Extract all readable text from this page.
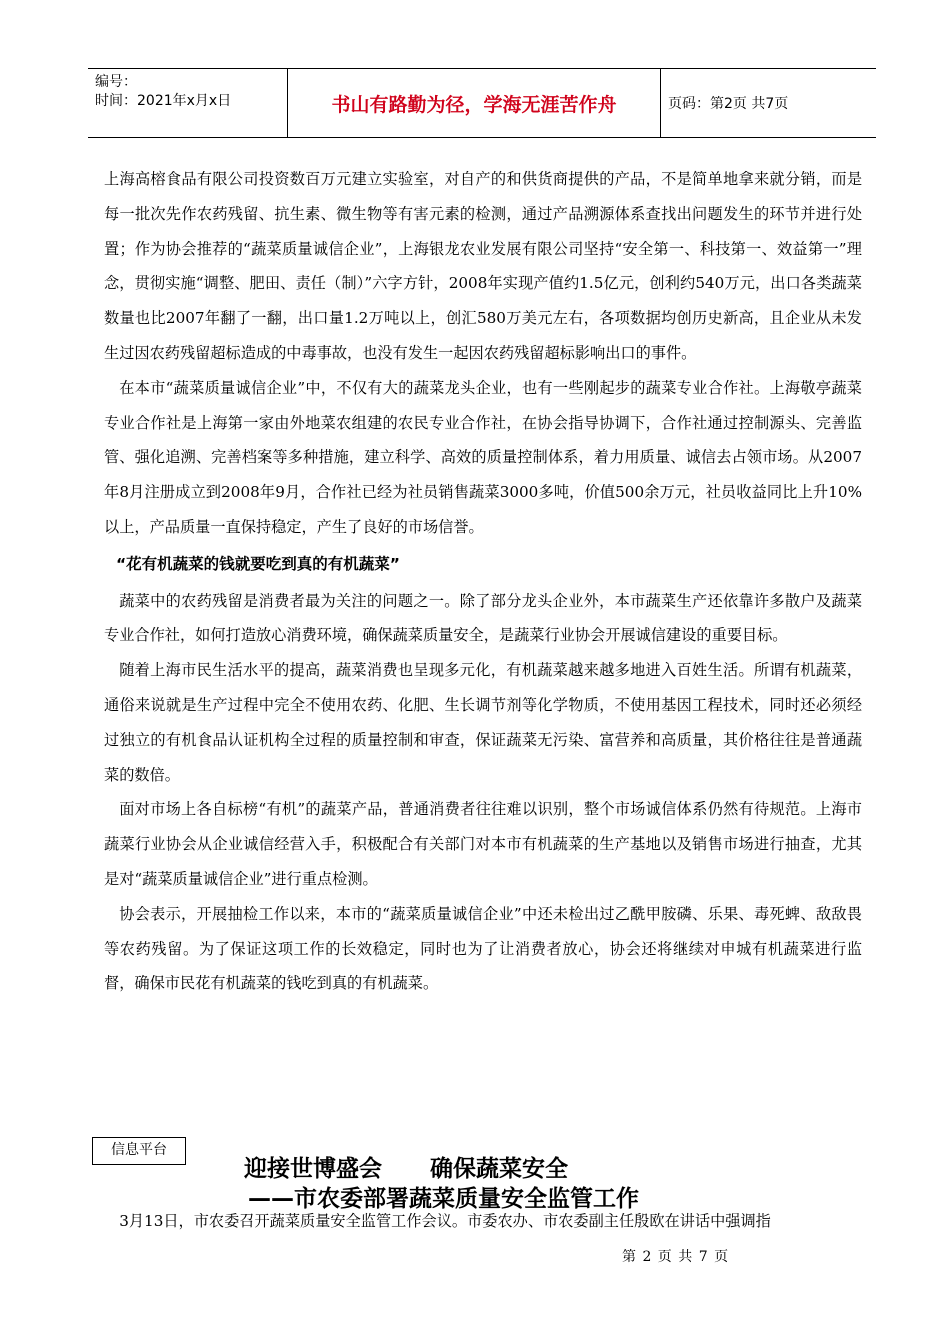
编号：
时间：2021年x月x日	书山有路勤为径，学海无涯苦作舟	页码：第2页 共7页

上海高榕食品有限公司投资数百万元建立实验室，对自产的和供货商提供的产品，不是简单地拿来就分销，而是每一批次先作农药残留、抗生素、微生物等有害元素的检测，通过产品溯源体系查找出问题发生的环节并进行处置；作为协会推荐的“蔬菜质量诚信企业”，上海银龙农业发展有限公司坚持“安全第一、科技第一、效益第一”理念，贯彻实施“调整、肥田、责任（制）”六字方针，2008年实现产值约1.5亿元，创利约540万元，出口各类蔬菜数量也比2007年翻了一翻，出口量1.2万吨以上，创汇580万美元左右，各项数据均创历史新高，且企业从未发生过因农药残留超标造成的中毒事故，也没有发生一起因农药残留超标影响出口的事件。

在本市“蔬菜质量诚信企业”中，不仅有大的蔬菜龙头企业，也有一些刚起步的蔬菜专业合作社。上海敬亭蔬菜专业合作社是上海第一家由外地菜农组建的农民专业合作社，在协会指导协调下，合作社通过控制源头、完善监管、强化追溯、完善档案等多种措施，建立科学、高效的质量控制体系，着力用质量、诚信去占领市场。从2007年8月注册成立到2008年9月，合作社已经为社员销售蔬菜3000多吨，价值500余万元，社员收益同比上升10%以上，产品质量一直保持稳定，产生了良好的市场信誉。

“花有机蔬菜的钱就要吃到真的有机蔬菜”

蔬菜中的农药残留是消费者最为关注的问题之一。除了部分龙头企业外，本市蔬菜生产还依靠许多散户及蔬菜专业合作社，如何打造放心消费环境，确保蔬菜质量安全，是蔬菜行业协会开展诚信建设的重要目标。

随着上海市民生活水平的提高，蔬菜消费也呈现多元化，有机蔬菜越来越多地进入百姓生活。所谓有机蔬菜，通俗来说就是生产过程中完全不使用农药、化肥、生长调节剂等化学物质，不使用基因工程技术，同时还必须经过独立的有机食品认证机构全过程的质量控制和审查，保证蔬菜无污染、富营养和高质量，其价格往往是普通蔬菜的数倍。

面对市场上各自标榜“有机”的蔬菜产品，普通消费者往往难以识别，整个市场诚信体系仍然有待规范。上海市蔬菜行业协会从企业诚信经营入手，积极配合有关部门对本市有机蔬菜的生产基地以及销售市场进行抽查，尤其是对“蔬菜质量诚信企业”进行重点检测。

协会表示，开展抽检工作以来，本市的“蔬菜质量诚信企业”中还未检出过乙酰甲胺磷、乐果、毒死蜱、敌敌畏等农药残留。为了保证这项工作的长效稳定，同时也为了让消费者放心，协会还将继续对申城有机蔬菜进行监督，确保市民花有机蔬菜的钱吃到真的有机蔬菜。

信息平台
迎接世博盛会      确保蔬菜安全
——市农委部署蔬菜质量安全监管工作
3月13日，市农委召开蔬菜质量安全监管工作会议。市委农办、市农委副主任殷欧在讲话中强调指
第 2 页 共 7 页
